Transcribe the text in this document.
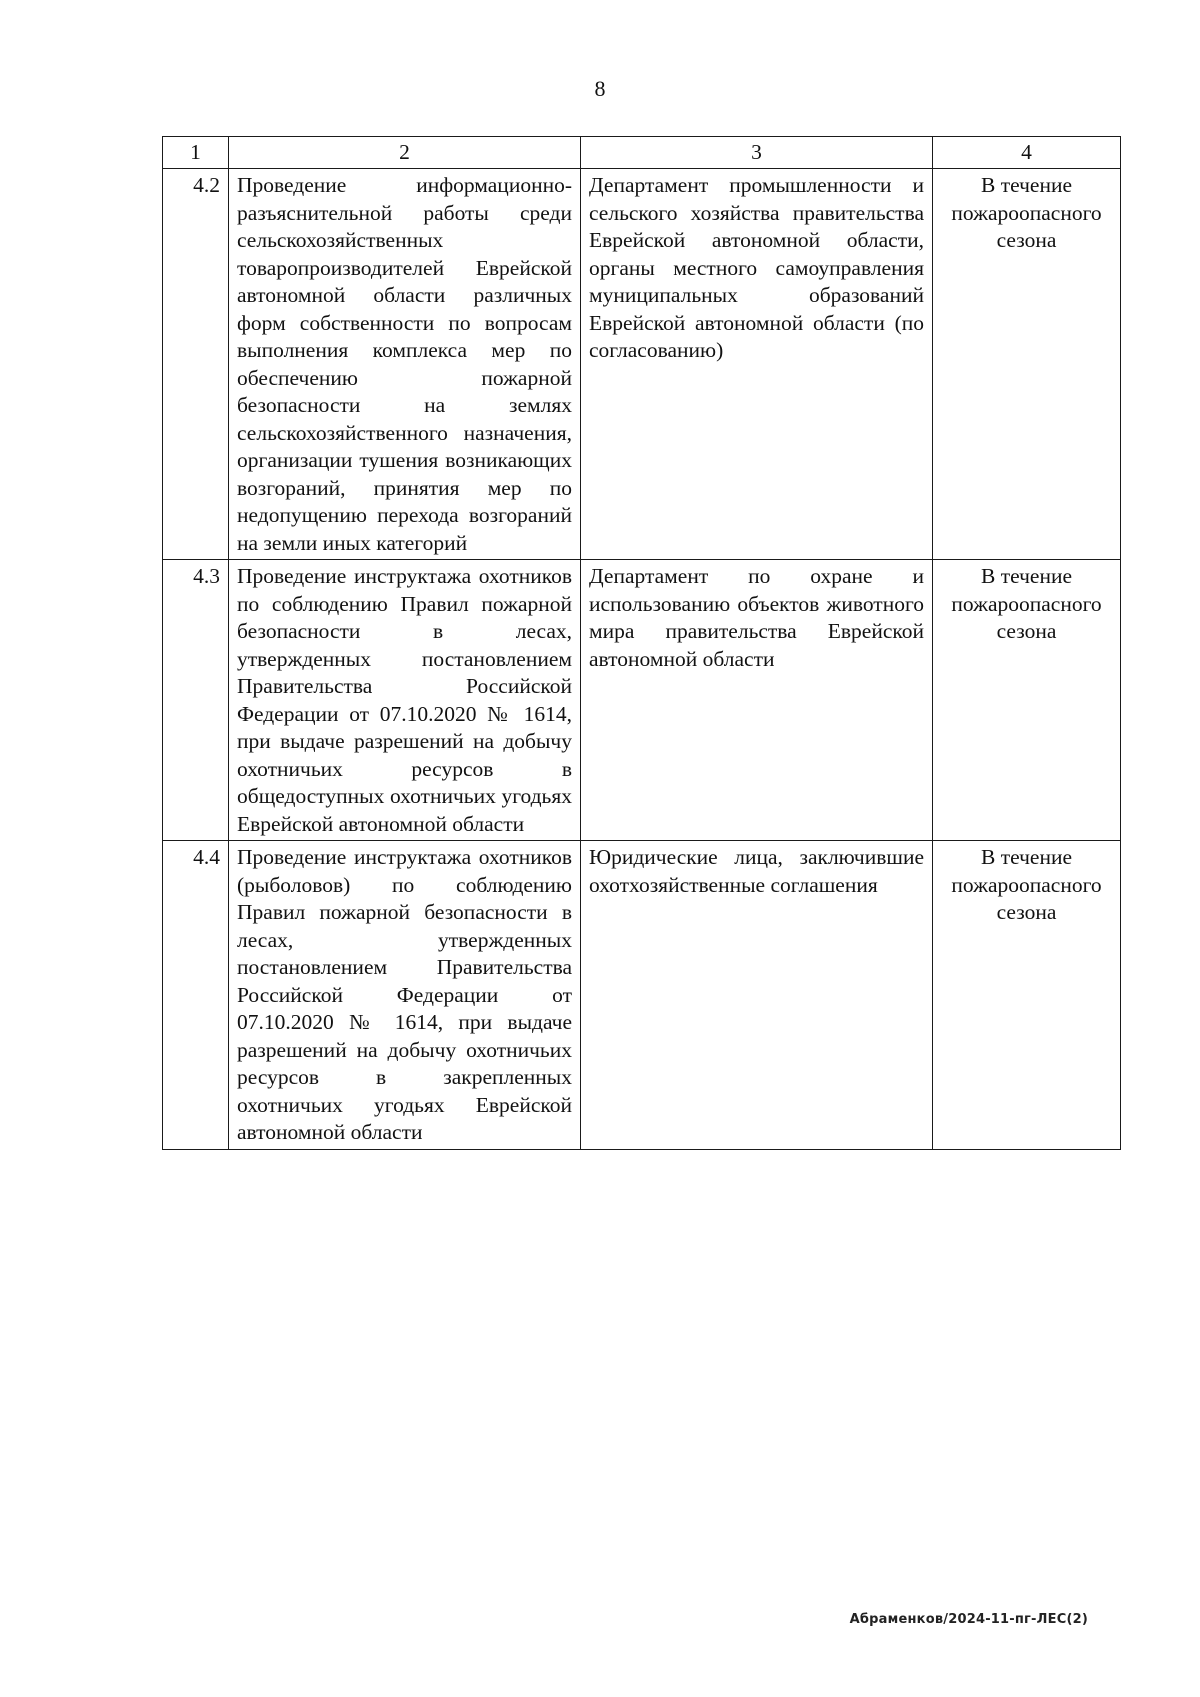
8
1	2	3	4
4.2	Проведение информационно-разъяснительной работы среди сельскохозяйственных товаропроизводителей Еврейской автономной области различных форм собственности по вопросам выполнения комплекса мер по обеспечению пожарной безопасности на землях сельскохозяйственного назначения, организации тушения возникающих возгораний, принятия мер по недопущению перехода возгораний на земли иных категорий	Департамент промышленности и сельского хозяйства правительства Еврейской автономной области, органы местного самоуправления муниципальных образований Еврейской автономной области (по согласованию)	В течение пожароопасного сезона
4.3	Проведение инструктажа охотников по соблюдению Правил пожарной безопасности в лесах, утвержденных постановлением Правительства Российской Федерации от 07.10.2020 № 1614, при выдаче разрешений на добычу охотничьих ресурсов в общедоступных охотничьих угодьях Еврейской автономной области	Департамент по охране и использованию объектов животного мира правительства Еврейской автономной области	В течение пожароопасного сезона
4.4	Проведение инструктажа охотников (рыболовов) по соблюдению Правил пожарной безопасности в лесах, утвержденных постановлением Правительства Российской Федерации от 07.10.2020 № 1614, при выдаче разрешений на добычу охотничьих ресурсов в закрепленных охотничьих угодьях Еврейской автономной области	Юридические лица, заключившие охотхозяйственные соглашения	В течение пожароопасного сезона
Абраменков/2024-11-пг-ЛЕС(2)
